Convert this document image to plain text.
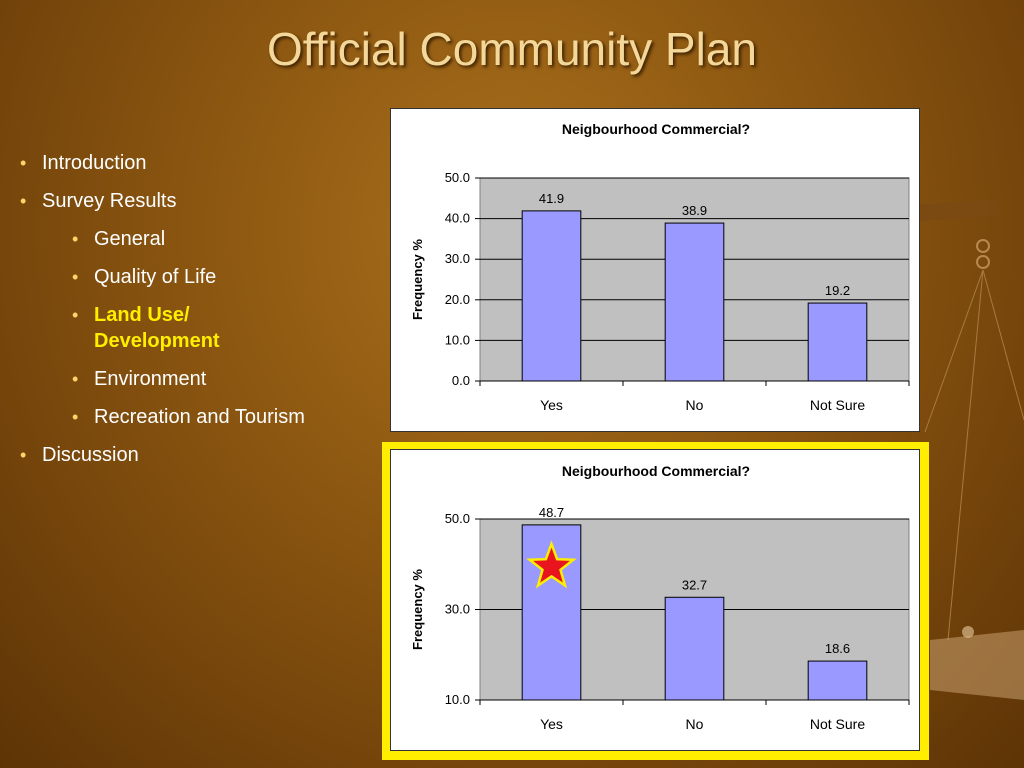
Official Community Plan
• Introduction
• Survey Results
• General
• Quality of Life
• Land Use/ Development
• Environment
• Recreation and Tourism
• Discussion
Neigbourhood Commercial?
0.0
10.0
20.0
30.0
40.0
50.0
Frequency %
41.9
Yes
38.9
No
19.2
Not Sure
Neigbourhood Commercial?
10.0
30.0
50.0
Frequency %
48.7
Yes
32.7
No
18.6
Not Sure
